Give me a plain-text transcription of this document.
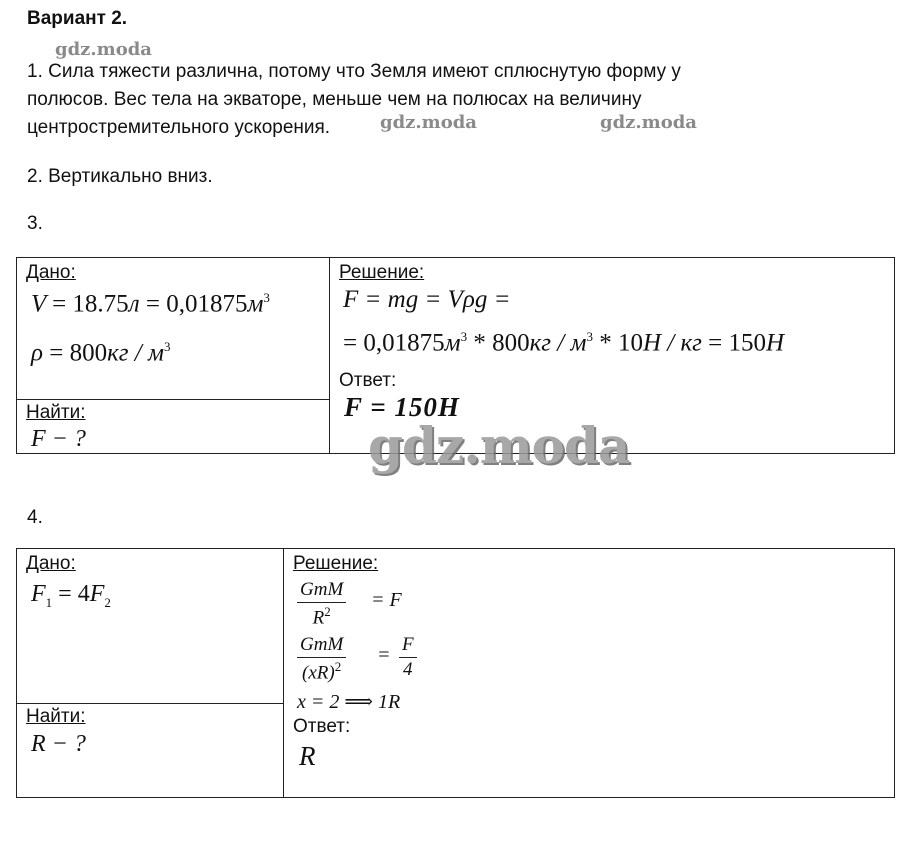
Вариант 2.
gdz.moda
gdz.moda	gdz.moda
1. Сила тяжести различна, потому что Земля имеют сплюснутую форму у
полюсов. Вес тела на экваторе, меньше чем на полюсах на величину
центростремительного ускорения.
2. Вертикально вниз.
3.
Дано:
$V = 18.75л = 0,01875м^3$
$\rho = 800кг / м^3$
Найти:
F − ?
Решение:
F = mg = Vρg =
= $0,01875м^3 * 800кг / м^3 * 10Н$ / кг = 150Н
Ответ:
F = 150H
gdz.moda
4.
Дано:
$F_1 = 4F_2$
Найти:
R − ?
Решение:
GmM
$R^2$
= F
GmM
(xR)$^2$
= $\frac{F}{4}$
x = 2 ⟹ 1R
Ответ:
R
